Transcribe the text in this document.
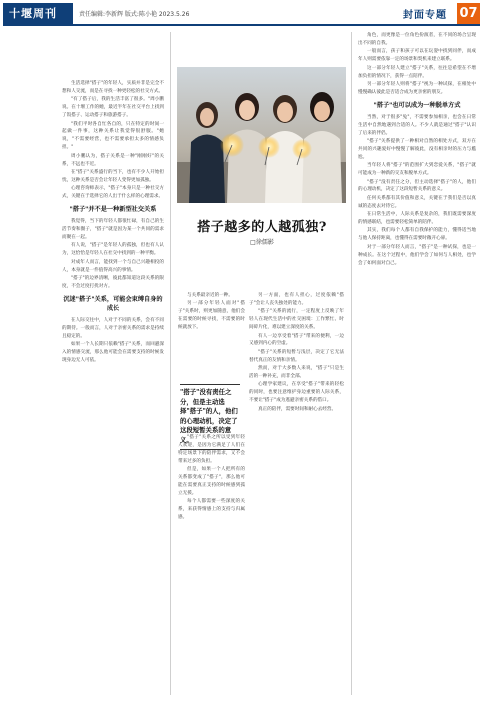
十堰周刊	责任编辑:李新辉 版式:陈小艳 2023.5.26	封面专题 07

生活选择"搭子"的年轻人，实质并非是完全不想和人交流，而是在寻找一种更轻松的社交方式。

"有了搭子后，我的生活丰富了很多。"周小鹏说。在十堰工作的她，最近半年在社交平台上找到了饭搭子、运动搭子和旅游搭子。

"我们平时各自忙各自的，只在特定的时间一起做一件事，这种关系让我觉得很舒服。"她说，"不需要经营，也不需要承担太多的情感负担。"

周小鹏认为，搭子关系是一种"刚刚好"的关系，不远也不近。

在"搭子"关系盛行的当下，也有不少人开始担忧，这种关系是否会让年轻人变得更加孤独。

心理咨询师表示，"搭子"本身只是一种社交方式，关键在于选择它的人出于什么样的心理需求。

"搭子"并不是一种新型社交关系

我觉得，当下的年轻人都很忙碌，有自己的生活节奏和圈子，"搭子"就是因为某一个共同的需求而聚在一起。

有人说，"搭子"是年轻人的孤独，但也有人认为，这恰恰是年轻人在社交中找到的一种平衡。

对成年人而言，能找到一个与自己兴趣相投的人，本身就是一件值得高兴的事情。

"搭子"的边界清晰，彼此都知道这段关系的限度，不会过度打扰对方。

沉迷"搭子"关系，可能会束缚自身的成长

在人际交往中，人对于不同的关系，会有不同的期待。一般而言，人对于亲密关系的需求是持续且稳定的。

如果一个人长期只依赖"搭子"关系，而回避深入的情感交流，那么他可能会在需要支持的时候发现身边无人可依。

搭子越多的人越孤独?
□徐儒影

与关系最亲近的一种。

另一部分年轻人面对"搭子"关系时，则更加随意，他们会在需要的时候寻找，不需要的时候就放下。

"搭子"没有责任之分，但是主动选择"搭子"的人，他们的心理动机，决定了这段短暂关系的意义。

"搭子"关系之所以受到年轻人欢迎，是因为它满足了人们在特定场景下的陪伴需求，又不会带来过多的负担。

但是，如果一个人把所有的关系都变成了"搭子"，那么他可能在需要真正支持的时候感到孤立无援。

每个人都需要一些深度的关系，来获得情感上的支持与归属感。

另一方面，也有人担心，过度依赖"搭子"会让人丧失独处的能力。

"搭子"关系的流行，一定程度上反映了年轻人在现代生活中的社交困境：工作繁忙、时间碎片化，难以建立深度的关系。

有人一边享受着"搭子"带来的便利，一边又感到内心的空虚。

"搭子"关系的短暂与浅层，决定了它无法替代真正的友情和亲情。

然而，对于大多数人来说，"搭子"只是生活的一种补充，而非全部。

心理学家建议，在享受"搭子"带来的轻松的同时，也要注意维护身边重要的人际关系，不要让"搭子"成为逃避亲密关系的借口。

真正的陪伴，需要时间和耐心去经营。

角色，而更像是一位角色扮演者，在不同的场合呈现出不同的自我。

一般而言，孩子和孩子可以在玩耍中找到同伴，而成年人则需要依靠一定的场景和契机来建立联系。

这一部分年轻人建立"搭子"关系，往往是希望在不增加负担的情况下，获得一点陪伴。

另一部分年轻人则将"搭子"视为一种试探，在相处中慢慢确认彼此是否适合成为更亲密的朋友。

"搭子"也可以成为一种脱单方式

当然，对于很多"兔"，不需要参加相亲，也会在日常生活中自然地遇到合适的人。不少人就是通过"搭子"认识了后来的伴侣。

"搭子"关系提供了一种相对自然的相处方式，双方在共同的兴趣爱好中慢慢了解彼此，没有相亲时的压力与尴尬。

当年轻人将"搭子"的范围扩大到恋爱关系，"搭子"就可能成为一种新的交友和脱单方式。

"搭子"没有责任之分，但主动选择"搭子"的人，他们的心理动机，决定了这段短暂关系的意义。

任何关系都有其价值和意义，关键在于我们是否以真诚的态度去对待它。

在日常生活中，人际关系是复杂的，我们既需要深度的情感联结，也需要轻松简单的陪伴。

其实，我们每个人都有自我保护的能力，懂得适当地与他人保持距离，也懂得在需要时敞开心扉。

对于一部分年轻人而言，"搭子"是一种试探，也是一种成长。在这个过程中，他们学会了如何与人相处，也学会了如何面对自己。
